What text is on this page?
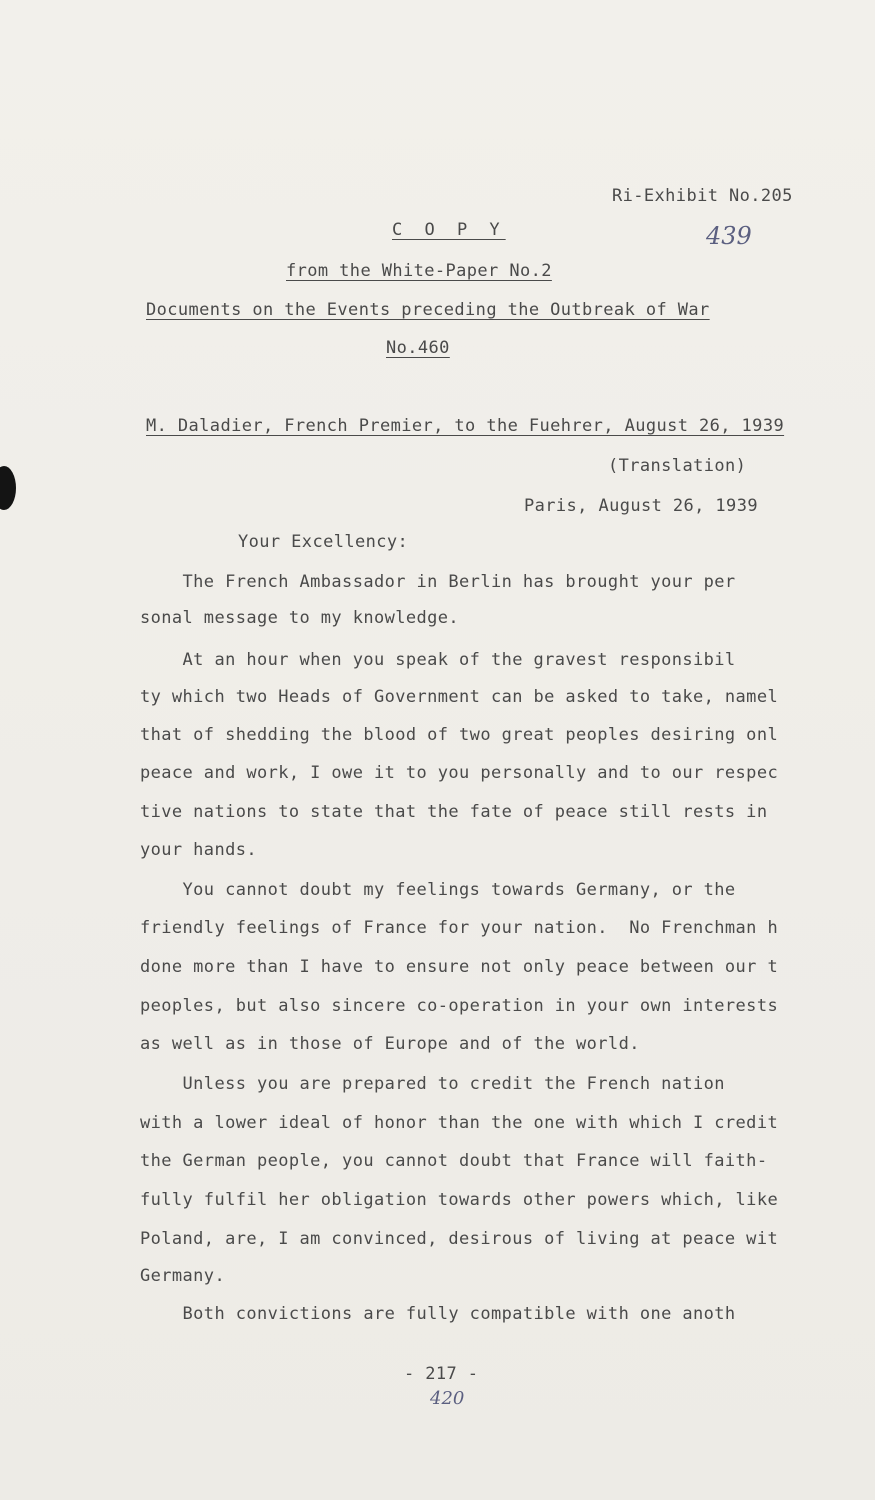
Ri-Exhibit No.205
C O P Y	439
from the White-Paper No.2
Documents on the Events preceding the Outbreak of War
No.460
M. Daladier, French Premier, to the Fuehrer, August 26, 1939
(Translation)
Paris, August 26, 1939
Your Excellency:
The French Ambassador in Berlin has brought your per
sonal message to my knowledge.
At an hour when you speak of the gravest responsibil
ty which two Heads of Government can be asked to take, namel
that of shedding the blood of two great peoples desiring onl
peace and work, I owe it to you personally and to our respec
tive nations to state that the fate of peace still rests in
your hands.
You cannot doubt my feelings towards Germany, or the
friendly feelings of France for your nation.  No Frenchman h
done more than I have to ensure not only peace between our t
peoples, but also sincere co-operation in your own interests
as well as in those of Europe and of the world.
Unless you are prepared to credit the French nation
with a lower ideal of honor than the one with which I credit
the German people, you cannot doubt that France will faith-
fully fulfil her obligation towards other powers which, like
Poland, are, I am convinced, desirous of living at peace wit
Germany.
Both convictions are fully compatible with one anoth
- 217 -
420
